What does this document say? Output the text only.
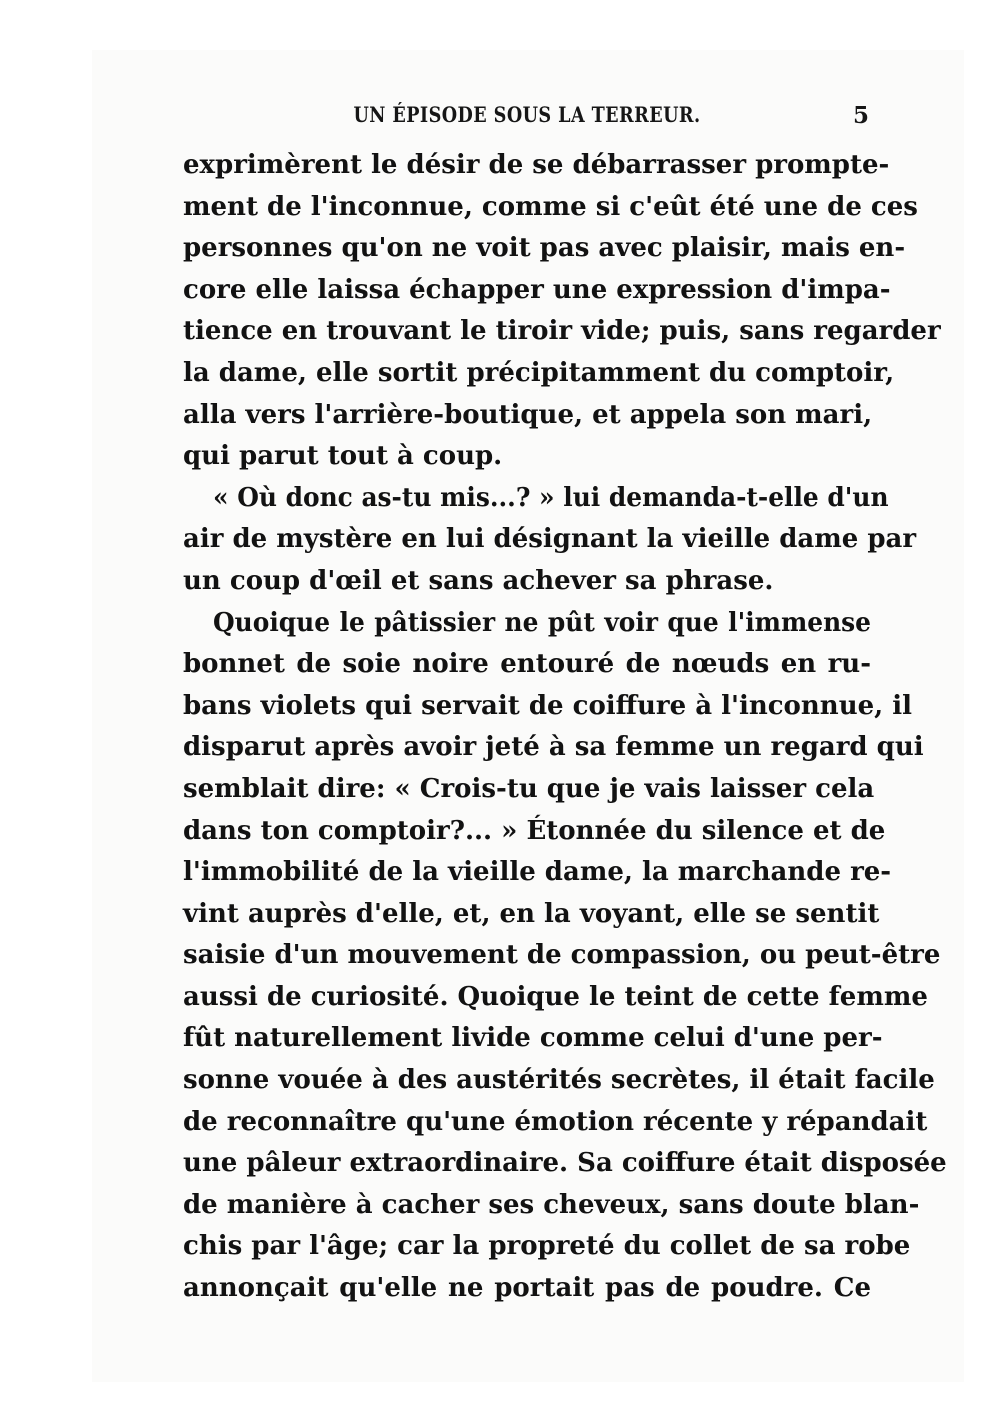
UN ÉPISODE SOUS LA TERREUR.	5
exprimèrent le désir de se débarrasser prompte-
ment de l'inconnue, comme si c'eût été une de ces
personnes qu'on ne voit pas avec plaisir, mais en-
core elle laissa échapper une expression d'impa-
tience en trouvant le tiroir vide; puis, sans regarder
la dame, elle sortit précipitamment du comptoir,
alla vers l'arrière-boutique, et appela son mari,
qui parut tout à coup.
« Où donc as-tu mis...? » lui demanda-t-elle d'un
air de mystère en lui désignant la vieille dame par
un coup d'œil et sans achever sa phrase.
Quoique le pâtissier ne pût voir que l'immense
bonnet de soie noire entouré de nœuds en ru-
bans violets qui servait de coiffure à l'inconnue, il
disparut après avoir jeté à sa femme un regard qui
semblait dire: « Crois-tu que je vais laisser cela
dans ton comptoir?... » Étonnée du silence et de
l'immobilité de la vieille dame, la marchande re-
vint auprès d'elle, et, en la voyant, elle se sentit
saisie d'un mouvement de compassion, ou peut-être
aussi de curiosité. Quoique le teint de cette femme
fût naturellement livide comme celui d'une per-
sonne vouée à des austérités secrètes, il était facile
de reconnaître qu'une émotion récente y répandait
une pâleur extraordinaire. Sa coiffure était disposée
de manière à cacher ses cheveux, sans doute blan-
chis par l'âge; car la propreté du collet de sa robe
annonçait qu'elle ne portait pas de poudre. Ce
